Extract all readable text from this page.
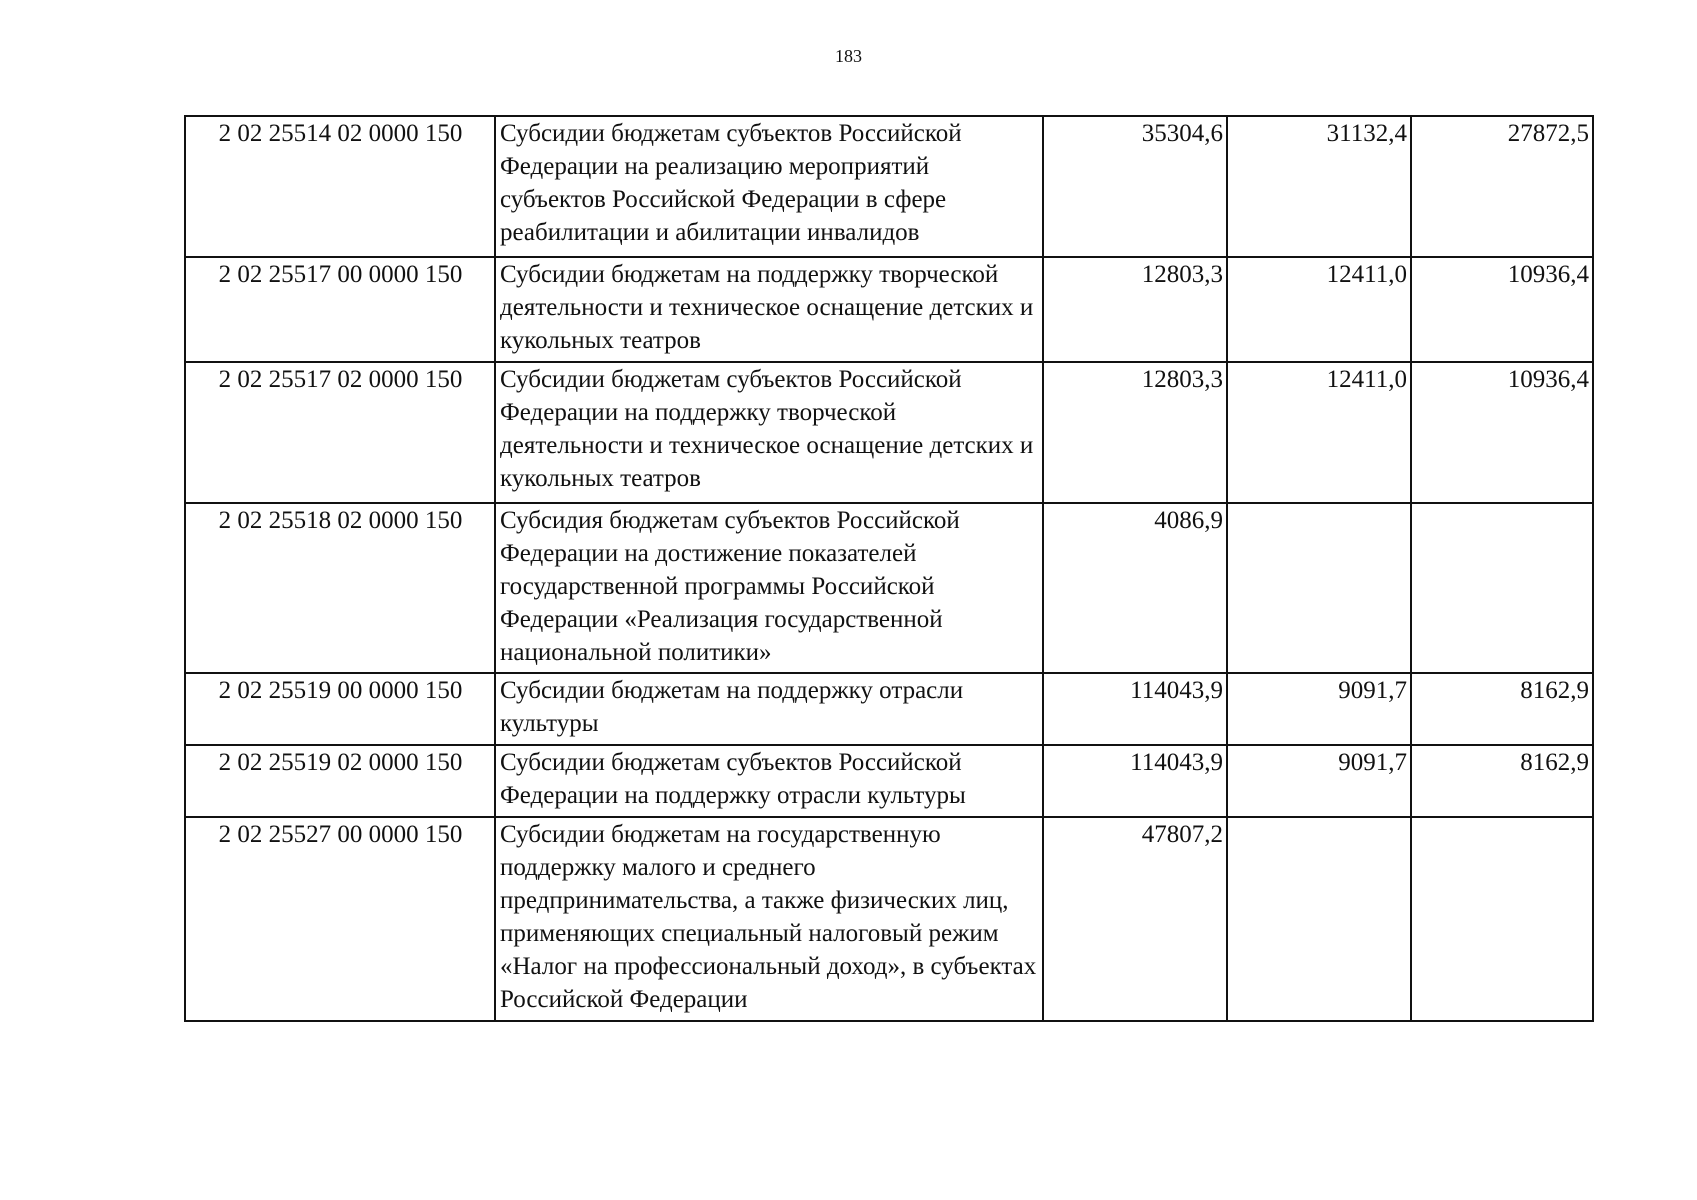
183
2 02 25514 02 0000 150	Субсидии бюджетам субъектов Российской Федерации на реализацию мероприятий субъектов Российской Федерации в сфере реабилитации и абилитации инвалидов	35304,6	31132,4	27872,5
2 02 25517 00 0000 150	Субсидии бюджетам на поддержку творческой деятельности и техническое оснащение детских и кукольных театров	12803,3	12411,0	10936,4
2 02 25517 02 0000 150	Субсидии бюджетам субъектов Российской Федерации на поддержку творческой деятельности и техническое оснащение детских и кукольных театров	12803,3	12411,0	10936,4
2 02 25518 02 0000 150	Субсидия бюджетам субъектов Российской Федерации на достижение показателей государственной программы Российской Федерации «Реализация государственной национальной политики»	4086,9		
2 02 25519 00 0000 150	Субсидии бюджетам на поддержку отрасли культуры	114043,9	9091,7	8162,9
2 02 25519 02 0000 150	Субсидии бюджетам субъектов Российской Федерации на поддержку отрасли культуры	114043,9	9091,7	8162,9
2 02 25527 00 0000 150	Субсидии бюджетам на государственную поддержку малого и среднего предпринимательства, а также физических лиц, применяющих специальный налоговый режим «Налог на профессиональный доход», в субъектах Российской Федерации	47807,2		
